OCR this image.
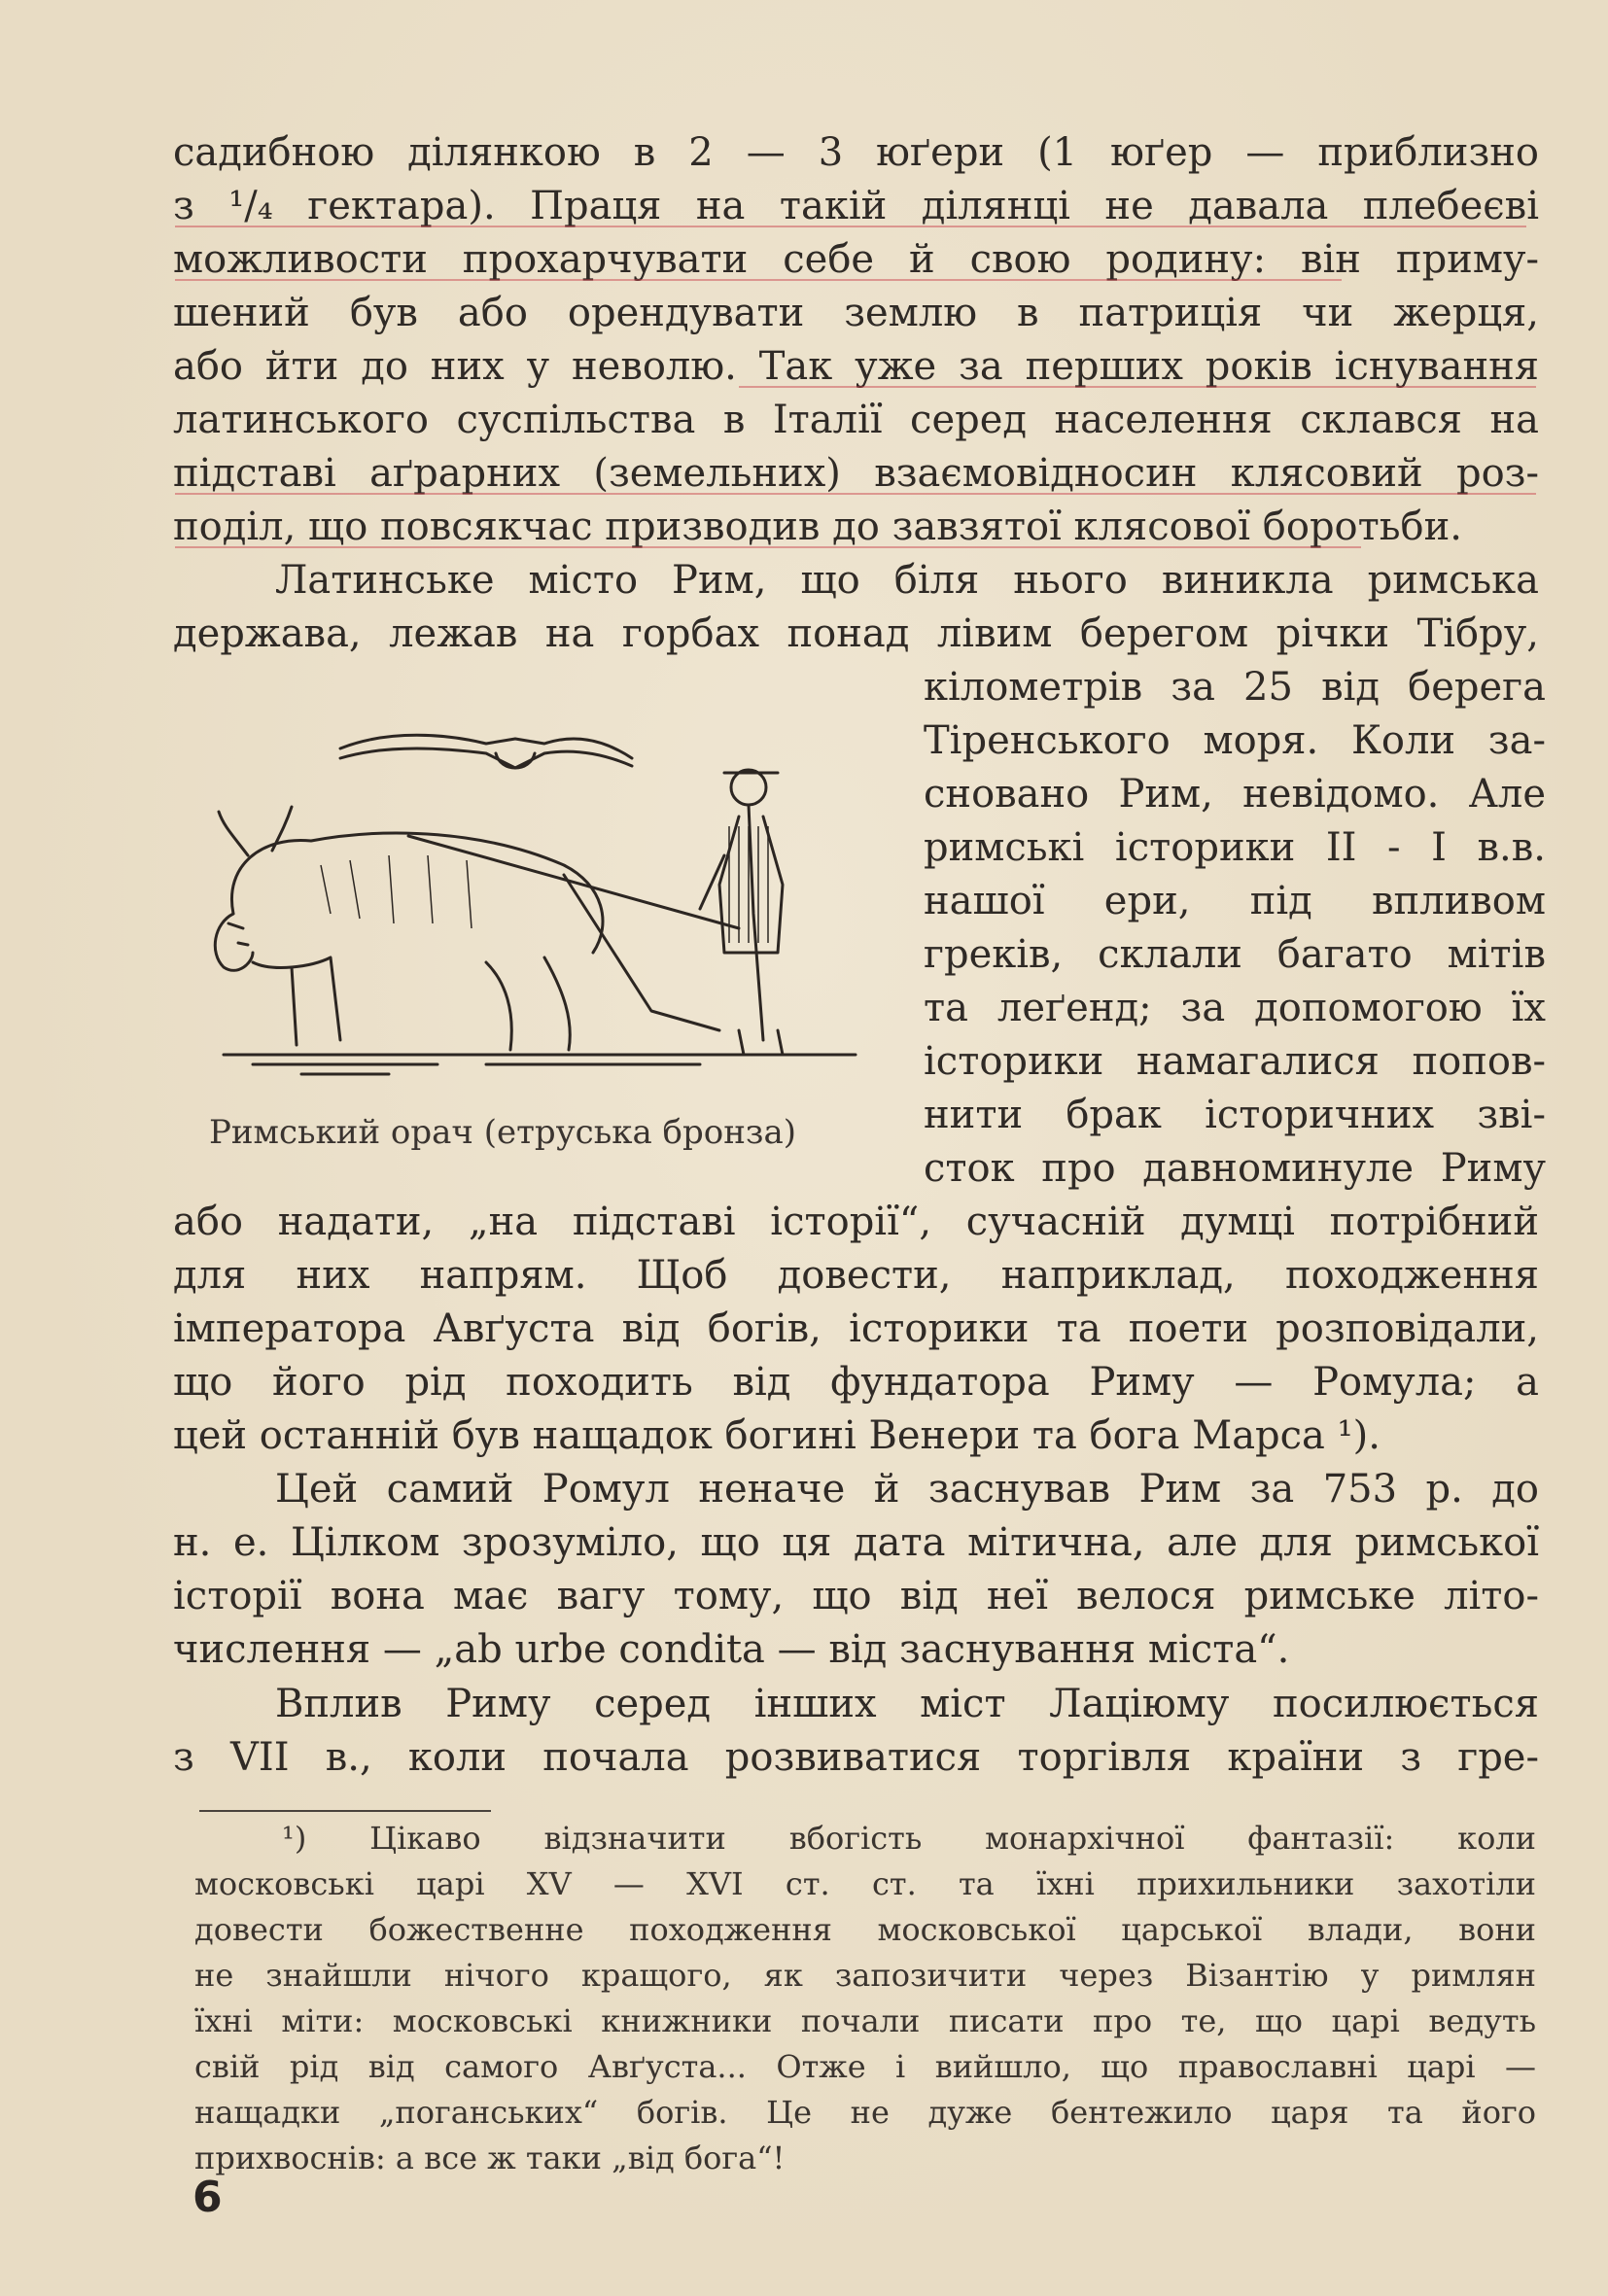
садибною ділянкою в 2 — 3 юґери (1 юґер — приблизно
з ¹/₄ гектара). Праця на такій ділянці не давала плебеєві
можливости прохарчувати себе й свою родину: він приму-
шений був або орендувати землю в патриція чи жерця,
або йти до них у неволю. Так уже за перших років існування
латинського суспільства в Італії серед населення склався на
підставі аґрарних (земельних) взаємовідносин клясовий роз-
поділ, що повсякчас призводив до завзятої клясової боротьби.
Латинське місто Рим, що біля нього виникла римська
держава, лежав на горбах понад лівим берегом річки Тібру,
кілометрів за 25 від берега
Тіренського моря. Коли за-
сновано Рим, невідомо. Але
римські історики II - I в.в.
нашої ери, під впливом
греків, склали багато мітів
та леґенд; за допомогою їх
історики намагалися попов-
нити брак історичних зві-
сток про давноминуле Риму
Римський орач (етруська бронза)
або надати, „на підставі історії“, сучасній думці потрібний
для них напрям. Щоб довести, наприклад, походження
імператора Авґуста від богів, історики та поети розповідали,
що його рід походить від фундатора Риму — Ромула; а
цей останній був нащадок богині Венери та бога Марса ¹).
Цей самий Ромул неначе й заснував Рим за 753 р. до
н. е. Цілком зрозуміло, що ця дата мітична, але для римської
історії вона має вагу тому, що від неї велося римське літо-
числення — „ab urbe condita — від заснування міста“.
Вплив Риму серед інших міст Лаціюму посилюється
з VII в., коли почала розвиватися торгівля країни з гре-
¹) Цікаво відзначити вбогість монархічної фантазії: коли
московські царі XV — XVI ст. ст. та їхні прихильники захотіли
довести божественне походження московської царської влади, вони
не знайшли нічого кращого, як запозичити через Візантію у римлян
їхні міти: московські книжники почали писати про те, що царі ведуть
свій рід від самого Авґуста... Отже і вийшло, що православні царі —
нащадки „поганських“ богів. Це не дуже бентежило царя та його
прихвоснів: а все ж таки „від бога“!
6
